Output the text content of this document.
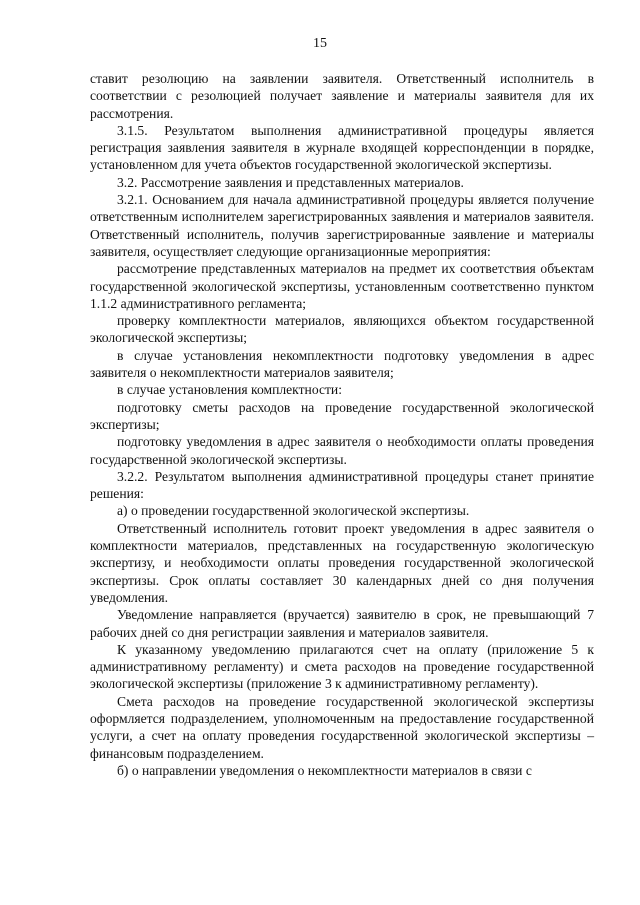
15

ставит резолюцию на заявлении заявителя. Ответственный исполнитель в соответствии с резолюцией получает заявление и материалы заявителя для их рассмотрения.

3.1.5. Результатом выполнения административной процедуры является регистрация заявления заявителя в журнале входящей корреспонденции в порядке, установленном для учета объектов государственной экологической экспертизы.

3.2. Рассмотрение заявления и представленных материалов.

3.2.1. Основанием для начала административной процедуры является получение ответственным исполнителем зарегистрированных заявления и материалов заявителя. Ответственный исполнитель, получив зарегистрированные заявление и материалы заявителя, осуществляет следующие организационные мероприятия:

рассмотрение представленных материалов на предмет их соответствия объектам государственной экологической экспертизы, установленным соответственно пунктом 1.1.2 административного регламента;

проверку комплектности материалов, являющихся объектом государственной экологической экспертизы;

в случае установления некомплектности подготовку уведомления в адрес заявителя о некомплектности материалов заявителя;

в случае установления комплектности:

подготовку сметы расходов на проведение государственной экологической экспертизы;

подготовку уведомления в адрес заявителя о необходимости оплаты проведения государственной экологической экспертизы.

3.2.2. Результатом выполнения административной процедуры станет принятие решения:

а) о проведении государственной экологической экспертизы.

Ответственный исполнитель готовит проект уведомления в адрес заявителя о комплектности материалов, представленных на государственную экологическую экспертизу, и необходимости оплаты проведения государственной экологической экспертизы. Срок оплаты составляет 30 календарных дней со дня получения уведомления.

Уведомление направляется (вручается) заявителю в срок, не превышающий 7 рабочих дней со дня регистрации заявления и материалов заявителя.

К указанному уведомлению прилагаются счет на оплату (приложение 5 к административному регламенту) и смета расходов на проведение государственной экологической экспертизы (приложение 3 к административному регламенту).

Смета расходов на проведение государственной экологической экспертизы оформляется подразделением, уполномоченным на предоставление государственной услуги, а счет на оплату проведения государственной экологической экспертизы – финансовым подразделением.

б) о направлении уведомления о некомплектности материалов в связи с
